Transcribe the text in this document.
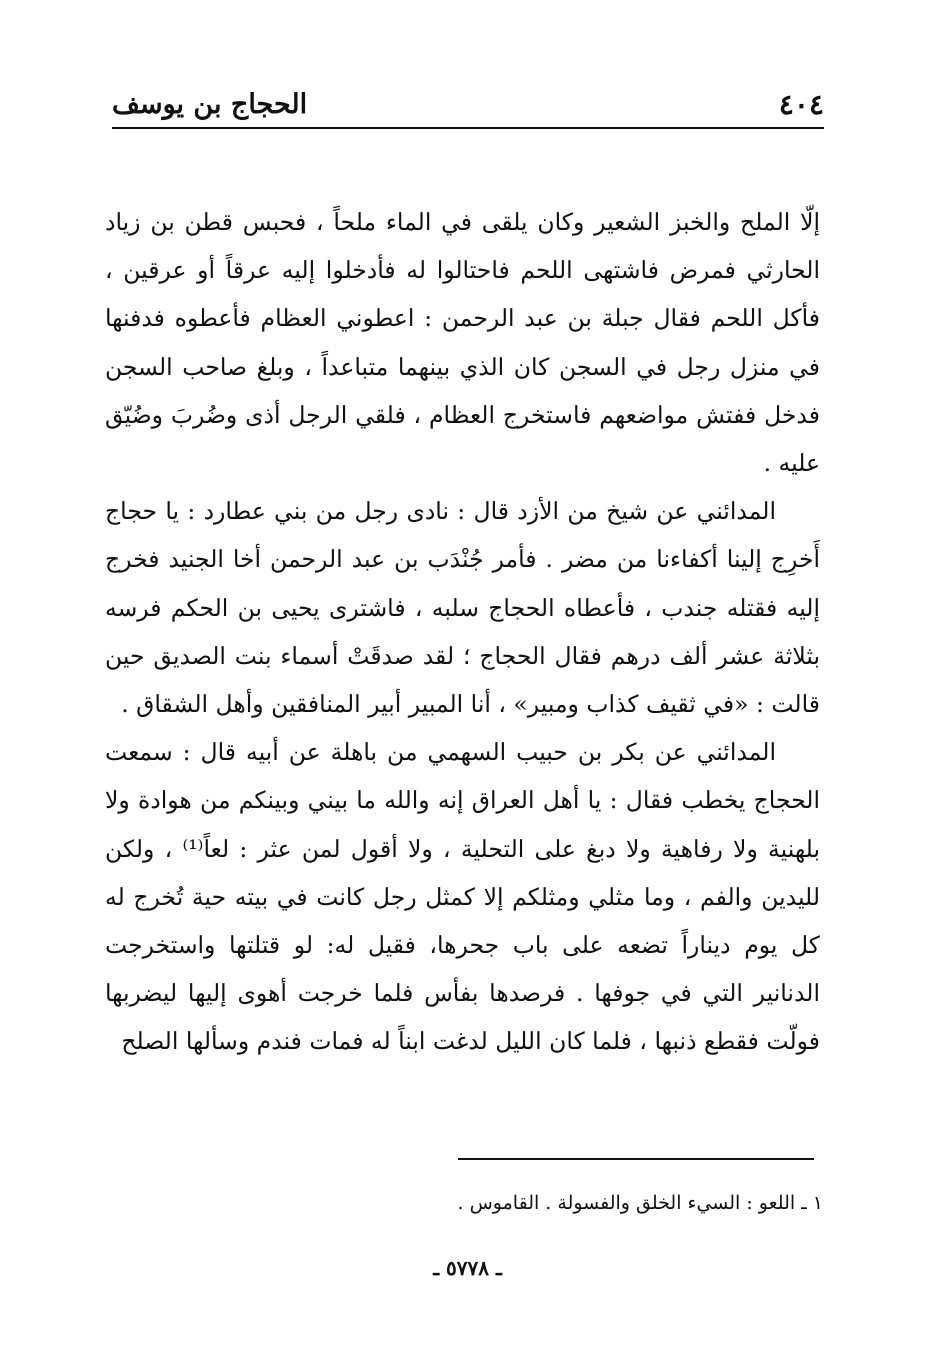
٤٠٤
الحجاج بن يوسف

إلّا الملح والخبز الشعير وكان يلقى في الماء ملحاً ، فحبس قطن بن زياد الحارثي فمرض فاشتهى اللحم فاحتالوا له فأدخلوا إليه عرقاً أو عرقين ، فأكل اللحم فقال جبلة بن عبد الرحمن : اعطوني العظام فأعطوه فدفنها في منزل رجل في السجن كان الذي بينهما متباعداً ، وبلغ صاحب السجن فدخل ففتش مواضعهم فاستخرج العظام ، فلقي الرجل أذى وضُربَ وضُيّق عليه .

المدائني عن شيخ من الأزد قال : نادى رجل من بني عطارد : يا حجاج أَخرِج إلينا أكفاءنا من مضر . فأمر جُنْدَب بن عبد الرحمن أخا الجنيد فخرج إليه فقتله جندب ، فأعطاه الحجاج سلبه ، فاشترى يحيى بن الحكم فرسه بثلاثة عشر ألف درهم فقال الحجاج ؛ لقد صدقَتْ أسماء بنت الصديق حين قالت : «في ثقيف كذاب ومبير» ، أنا المبير أبير المنافقين وأهل الشقاق .

المدائني عن بكر بن حبيب السهمي من باهلة عن أبيه قال : سمعت الحجاج يخطب فقال : يا أهل العراق إنه والله ما بيني وبينكم من هوادة ولا بلهنية ولا رفاهية ولا دبغ على التحلية ، ولا أقول لمن عثر : لعاً⁽¹⁾ ، ولكن لليدين والفم ، وما مثلي ومثلكم إلا كمثل رجل كانت في بيته حية تُخرج له كل يوم ديناراً تضعه على باب جحرها، فقيل له: لو قتلتها واستخرجت الدنانير التي في جوفها . فرصدها بفأس فلما خرجت أهوى إليها ليضربها فولّت فقطع ذنبها ، فلما كان الليل لدغت ابناً له فمات فندم وسألها الصلح

١ ـ اللعو : السيء الخلق والفسولة . القاموس .
ـ ٥٧٧٨ ـ
